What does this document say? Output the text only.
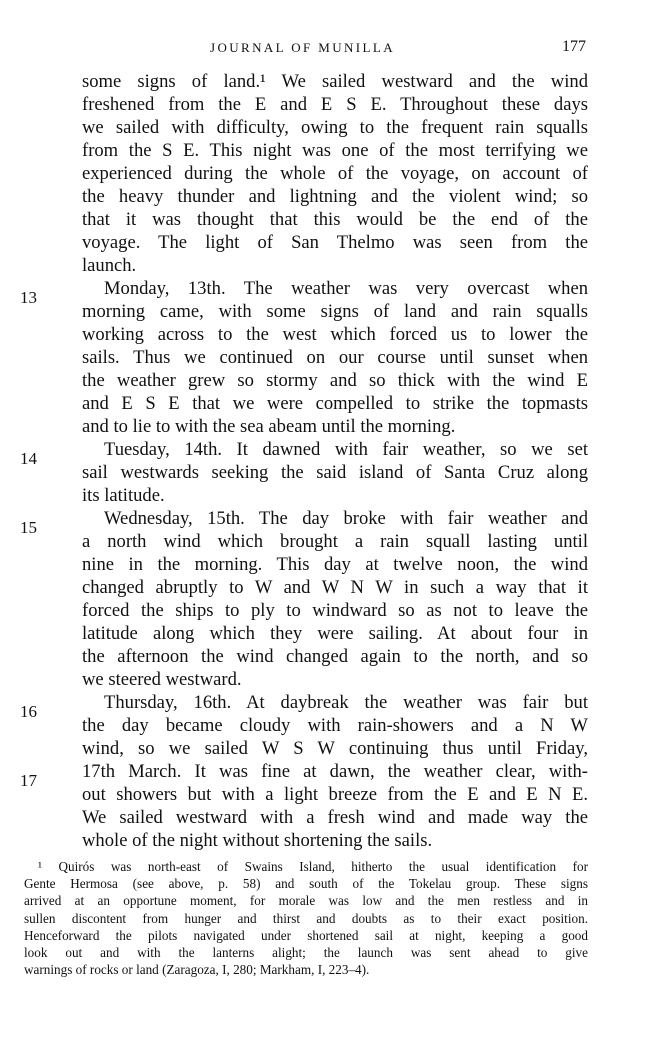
JOURNAL OF MUNILLA	177
13
14
15
16
17
some signs of land.¹ We sailed westward and the wind
freshened from the E and E S E. Throughout these days
we sailed with difficulty, owing to the frequent rain squalls
from the S E. This night was one of the most terrifying we
experienced during the whole of the voyage, on account of
the heavy thunder and lightning and the violent wind; so
that it was thought that this would be the end of the
voyage. The light of San Thelmo was seen from the
launch.
Monday, 13th. The weather was very overcast when
morning came, with some signs of land and rain squalls
working across to the west which forced us to lower the
sails. Thus we continued on our course until sunset when
the weather grew so stormy and so thick with the wind E
and E S E that we were compelled to strike the topmasts
and to lie to with the sea abeam until the morning.
Tuesday, 14th. It dawned with fair weather, so we set
sail westwards seeking the said island of Santa Cruz along
its latitude.
Wednesday, 15th. The day broke with fair weather and
a north wind which brought a rain squall lasting until
nine in the morning. This day at twelve noon, the wind
changed abruptly to W and W N W in such a way that it
forced the ships to ply to windward so as not to leave the
latitude along which they were sailing. At about four in
the afternoon the wind changed again to the north, and so
we steered westward.
Thursday, 16th. At daybreak the weather was fair but
the day became cloudy with rain-showers and a N W
wind, so we sailed W S W continuing thus until Friday,
17th March. It was fine at dawn, the weather clear, with-
out showers but with a light breeze from the E and E N E.
We sailed westward with a fresh wind and made way the
whole of the night without shortening the sails.
¹ Quirós was north-east of Swains Island, hitherto the usual identification for
Gente Hermosa (see above, p. 58) and south of the Tokelau group. These signs
arrived at an opportune moment, for morale was low and the men restless and in
sullen discontent from hunger and thirst and doubts as to their exact position.
Henceforward the pilots navigated under shortened sail at night, keeping a good
look out and with the lanterns alight; the launch was sent ahead to give
warnings of rocks or land (Zaragoza, I, 280; Markham, I, 223–4).
